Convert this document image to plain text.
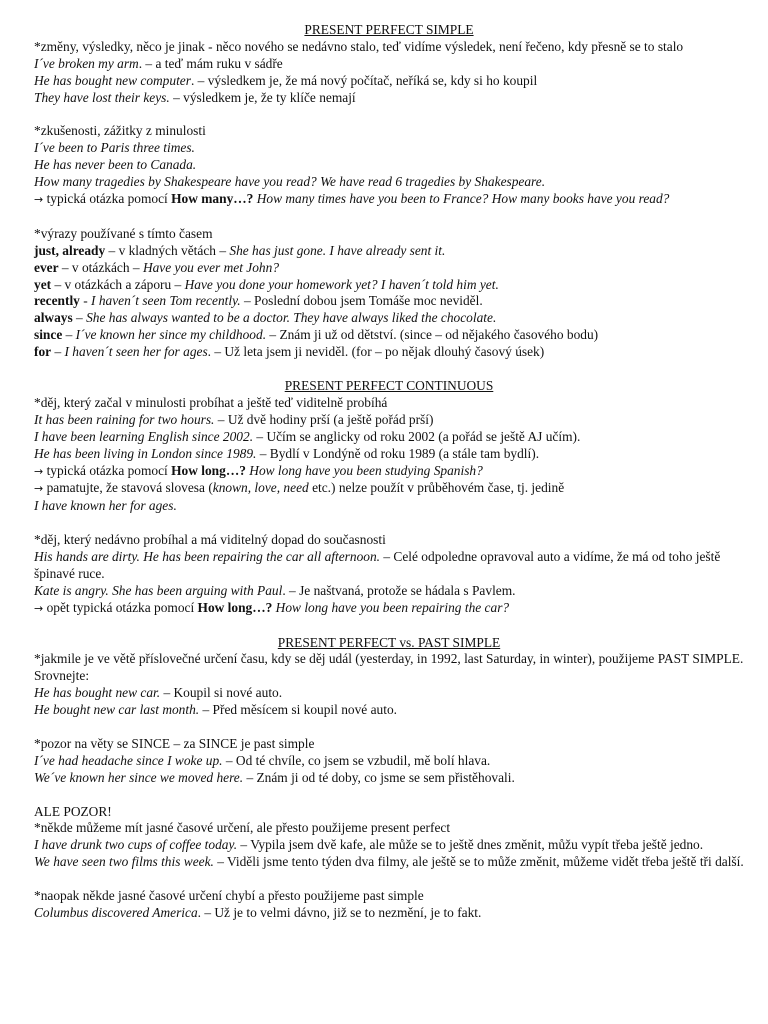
PRESENT PERFECT SIMPLE

*změny, výsledky, něco je jinak - něco nového se nedávno stalo, teď vidíme výsledek, není řečeno, kdy přesně se to stalo

I´ve broken my arm. – a teď mám ruku v sádře

He has bought new computer. – výsledkem je, že má nový počítač, neříká se, kdy si ho koupil

They have lost their keys. – výsledkem je, že ty klíče nemají

*zkušenosti, zážitky z minulosti

I´ve been to Paris three times.

He has never been to Canada.

How many tragedies by Shakespeare have you read? We have read 6 tragedies by Shakespeare.

→ typická otázka pomocí How many…? How many times have you been to France? How many books have you read?

*výrazy používané s tímto časem

just, already – v kladných větách – She has just gone. I have already sent it.

ever – v otázkách – Have you ever met John?

yet – v otázkách a záporu – Have you done your homework yet? I haven´t told him yet.

recently - I haven´t seen Tom recently. – Poslední dobou jsem Tomáše moc neviděl.

always – She has always wanted to be a doctor. They have always liked the chocolate.

since – I´ve known her since my childhood. – Znám ji už od dětství. (since – od nějakého časového bodu)

for – I haven´t seen her for ages. – Už leta jsem ji neviděl. (for – po nějak dlouhý časový úsek)

PRESENT PERFECT CONTINUOUS

*děj, který začal v minulosti probíhat a ještě teď viditelně probíhá

It has been raining for two hours. – Už dvě hodiny prší (a ještě pořád prší)

I have been learning English since 2002. – Učím se anglicky od roku 2002 (a pořád se ještě AJ učím).

He has been living in London since 1989. – Bydlí v Londýně od roku 1989 (a stále tam bydlí).

→ typická otázka pomocí How long…? How long have you been studying Spanish?

→ pamatujte, že stavová slovesa (known, love, need etc.) nelze použít v průběhovém čase, tj. jedině

I have known her for ages.

*děj, který nedávno probíhal a má viditelný dopad do současnosti

His hands are dirty. He has been repairing the car all afternoon. – Celé odpoledne opravoval auto a vidíme, že má od toho ještě špinavé ruce.

Kate is angry. She has been arguing with Paul. – Je naštvaná, protože se hádala s Pavlem.

→ opět typická otázka pomocí How long…? How long have you been repairing the car?

PRESENT PERFECT vs. PAST SIMPLE

*jakmile je ve větě příslovečné určení času, kdy se děj udál (yesterday, in 1992, last Saturday, in winter), použijeme PAST SIMPLE. Srovnejte:

He has bought new car. – Koupil si nové auto.

He bought new car last month. – Před měsícem si koupil nové auto.

*pozor na věty se SINCE – za SINCE je past simple

I´ve had headache since I woke up. – Od té chvíle, co jsem se vzbudil, mě bolí hlava.

We´ve known her since we moved here. – Znám ji od té doby, co jsme se sem přistěhovali.

ALE POZOR!

*někde můžeme mít jasné časové určení, ale přesto použijeme present perfect

I have drunk two cups of coffee today. – Vypila jsem dvě kafe, ale může se to ještě dnes změnit, můžu vypít třeba ještě jedno.

We have seen two films this week. – Viděli jsme tento týden dva filmy, ale ještě se to může změnit, můžeme vidět třeba ještě tři další.

*naopak někde jasné časové určení chybí a přesto použijeme past simple

Columbus discovered America. – Už je to velmi dávno, již se to nezmění, je to fakt.
